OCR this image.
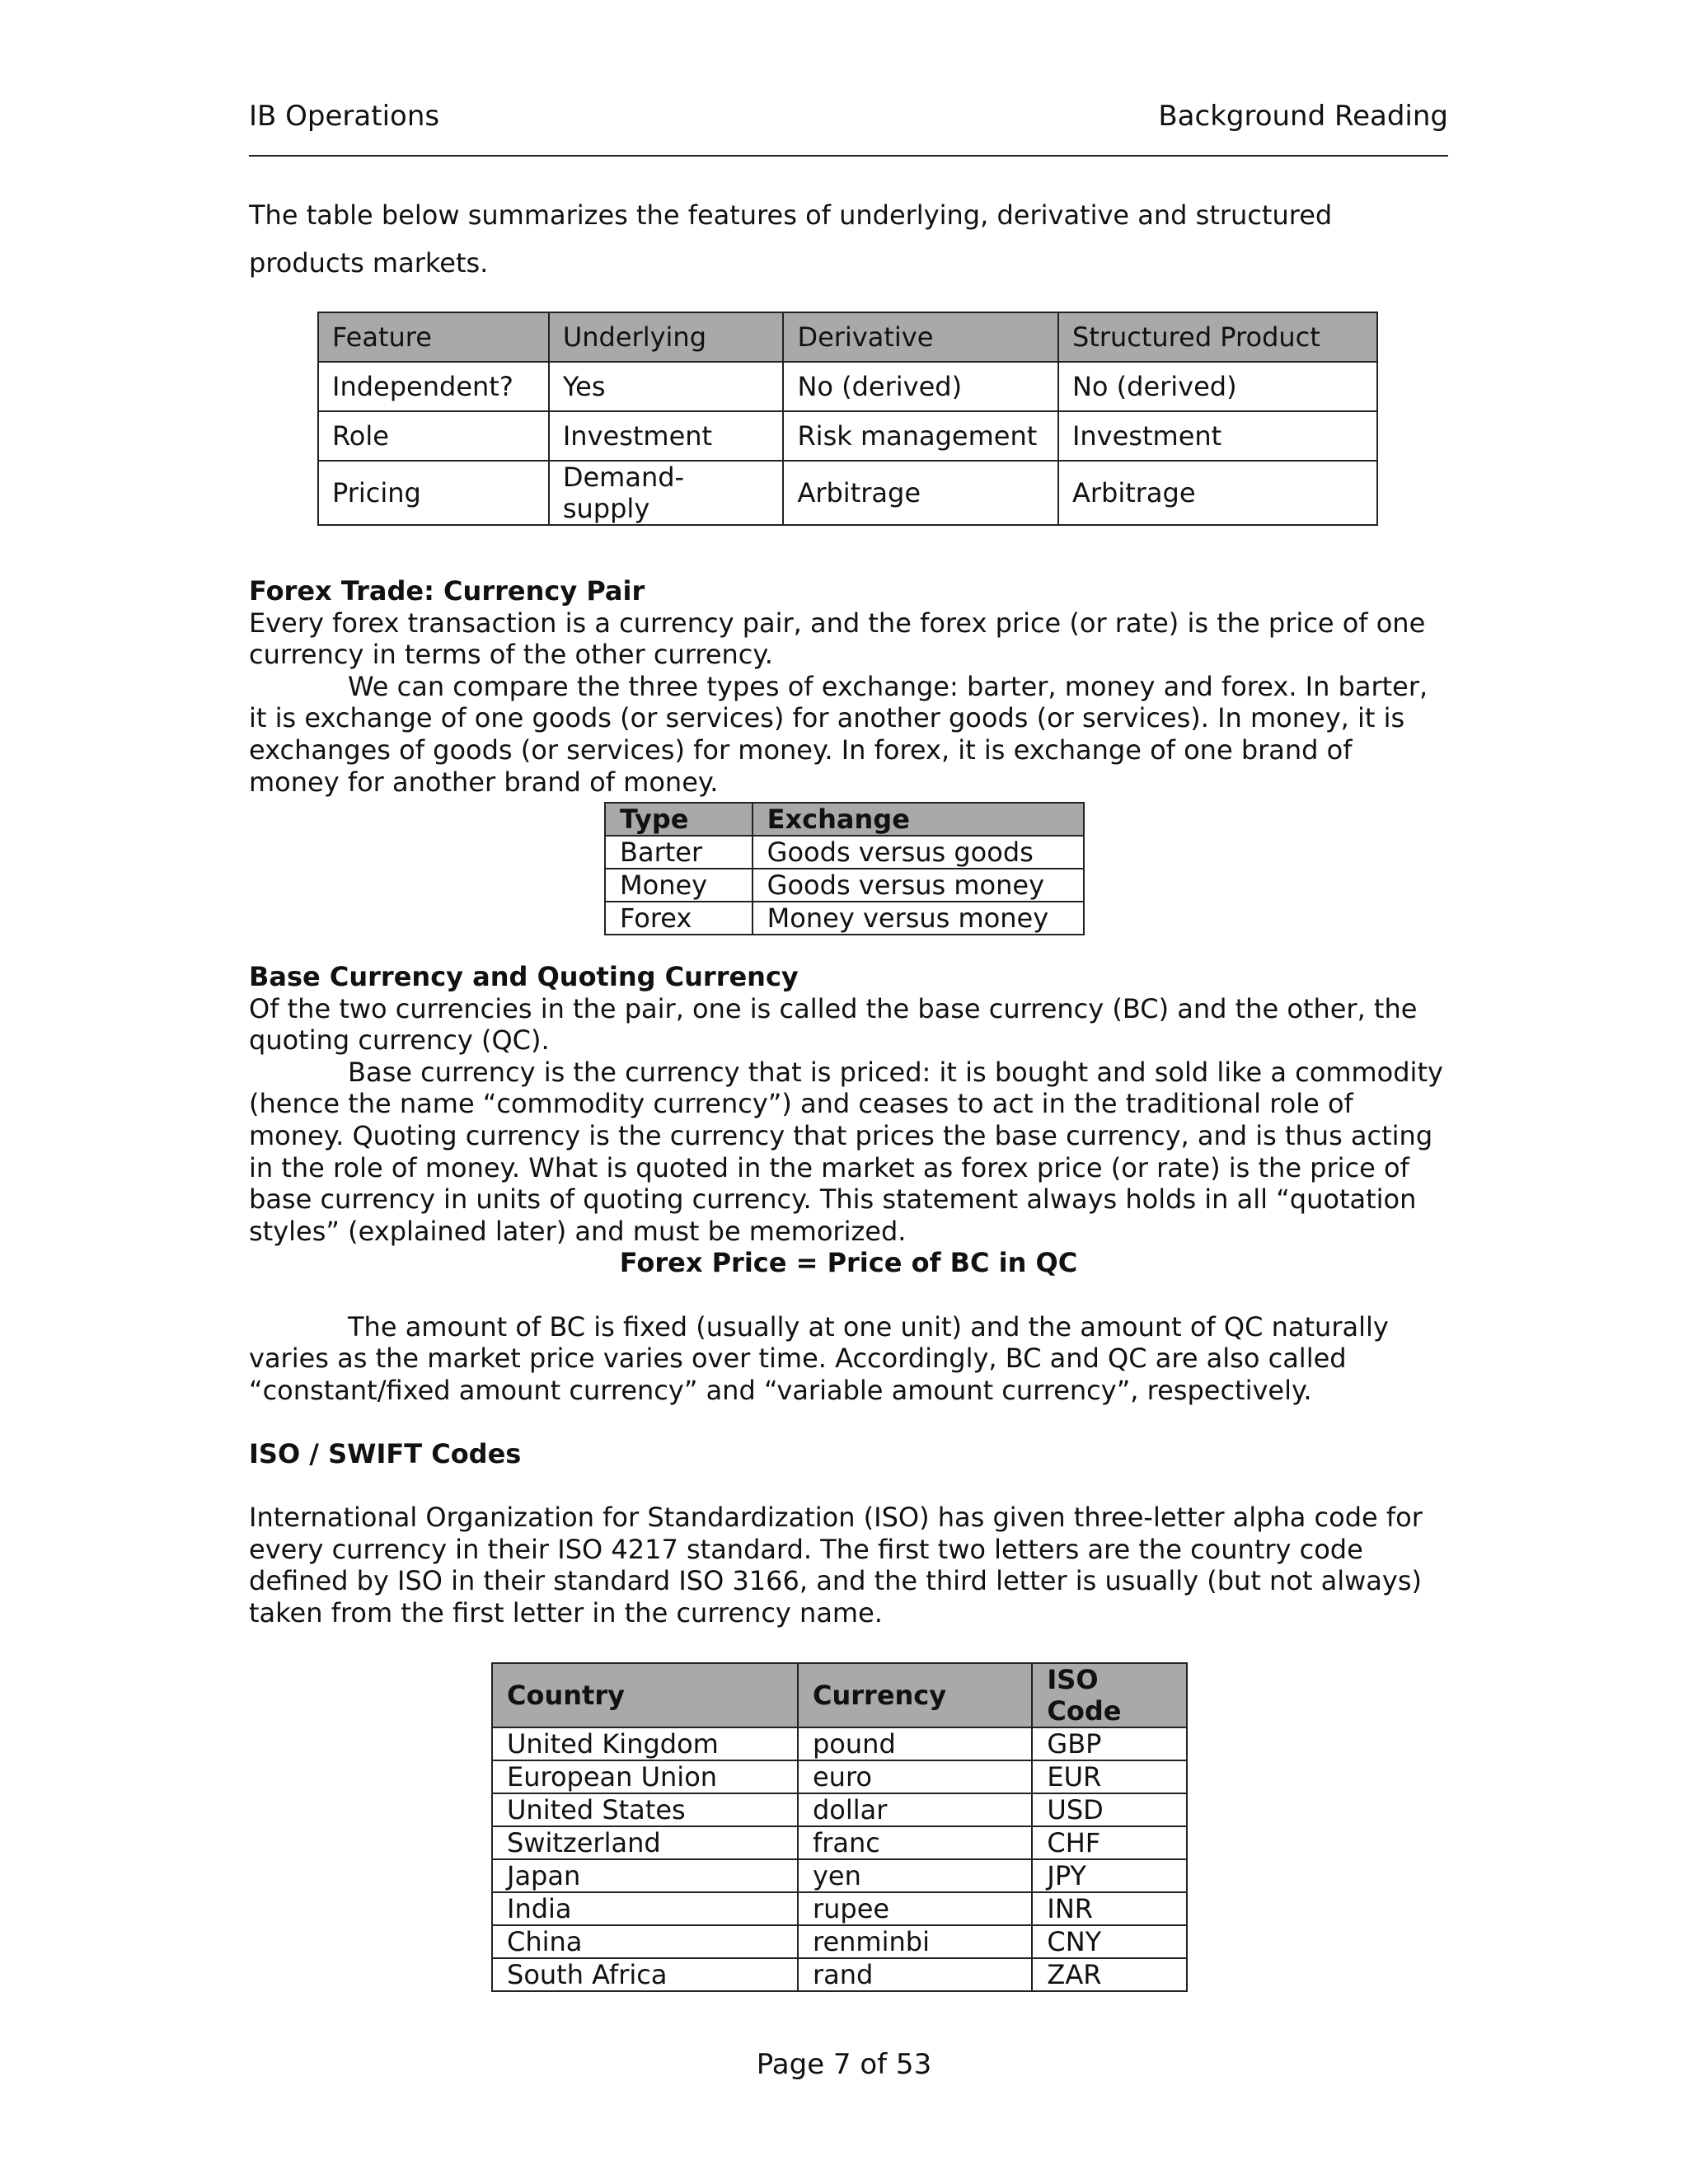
IB Operations	Background Reading

The table below summarizes the features of underlying, derivative and structured products markets.

Feature	Underlying	Derivative	Structured Product
Independent?	Yes	No (derived)	No (derived)
Role	Investment	Risk management	Investment
Pricing	Demand-supply	Arbitrage	Arbitrage

Forex Trade: Currency Pair

Every forex transaction is a currency pair, and the forex price (or rate) is the price of one currency in terms of the other currency.

We can compare the three types of exchange: barter, money and forex. In barter, it is exchange of one goods (or services) for another goods (or services). In money, it is exchanges of goods (or services) for money. In forex, it is exchange of one brand of money for another brand of money.

Type	Exchange
Barter	Goods versus goods
Money	Goods versus money
Forex	Money versus money

Base Currency and Quoting Currency

Of the two currencies in the pair, one is called the base currency (BC) and the other, the quoting currency (QC).

Base currency is the currency that is priced: it is bought and sold like a commodity (hence the name “commodity currency”) and ceases to act in the traditional role of money. Quoting currency is the currency that prices the base currency, and is thus acting in the role of money. What is quoted in the market as forex price (or rate) is the price of base currency in units of quoting currency. This statement always holds in all “quotation styles” (explained later) and must be memorized.

Forex Price = Price of BC in QC

The amount of BC is fixed (usually at one unit) and the amount of QC naturally varies as the market price varies over time. Accordingly, BC and QC are also called “constant/fixed amount currency” and “variable amount currency”, respectively.

ISO / SWIFT Codes

International Organization for Standardization (ISO) has given three-letter alpha code for every currency in their ISO 4217 standard. The first two letters are the country code defined by ISO in their standard ISO 3166, and the third letter is usually (but not always) taken from the first letter in the currency name.

Country	Currency	ISO Code
United Kingdom	pound	GBP
European Union	euro	EUR
United States	dollar	USD
Switzerland	franc	CHF
Japan	yen	JPY
India	rupee	INR
China	renminbi	CNY
South Africa	rand	ZAR
Page 7 of 53
